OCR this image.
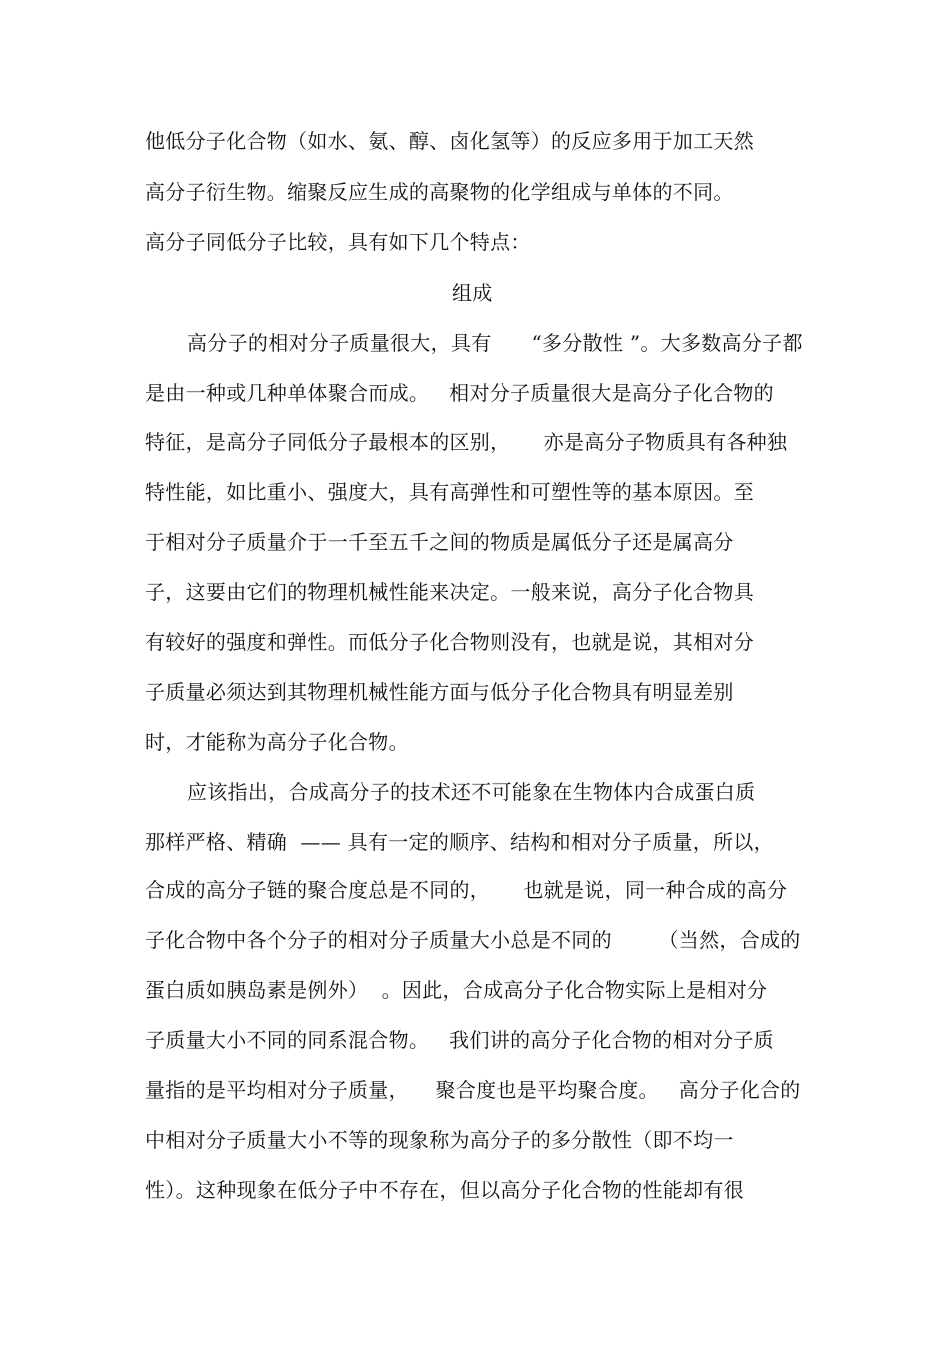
他低分子化合物（如水、氨、醇、卤化氢等）的反应多用于加工天然
高分子衍生物。缩聚反应生成的高聚物的化学组成与单体的不同。
高分子同低分子比较，具有如下几个特点：
组成
高分子的相对分子质量很大，具有      “多分散性 ”。大多数高分子都
是由一种或几种单体聚合而成。   相对分子质量很大是高分子化合物的
特征，是高分子同低分子最根本的区别，     亦是高分子物质具有各种独
特性能，如比重小、强度大，具有高弹性和可塑性等的基本原因。至
于相对分子质量介于一千至五千之间的物质是属低分子还是属高分
子，这要由它们的物理机械性能来决定。一般来说，高分子化合物具
有较好的强度和弹性。而低分子化合物则没有，也就是说，其相对分
子质量必须达到其物理机械性能方面与低分子化合物具有明显差别
时，才能称为高分子化合物。
应该指出，合成高分子的技术还不可能象在生物体内合成蛋白质
那样严格、精确  —— 具有一定的顺序、结构和相对分子质量，所以，
合成的高分子链的聚合度总是不同的，     也就是说，同一种合成的高分
子化合物中各个分子的相对分子质量大小总是不同的       （当然，合成的
蛋白质如胰岛素是例外）  。因此，合成高分子化合物实际上是相对分
子质量大小不同的同系混合物。   我们讲的高分子化合物的相对分子质
量指的是平均相对分子质量，    聚合度也是平均聚合度。   高分子化合的
中相对分子质量大小不等的现象称为高分子的多分散性（即不均一
性）。这种现象在低分子中不存在，但以高分子化合物的性能却有很
